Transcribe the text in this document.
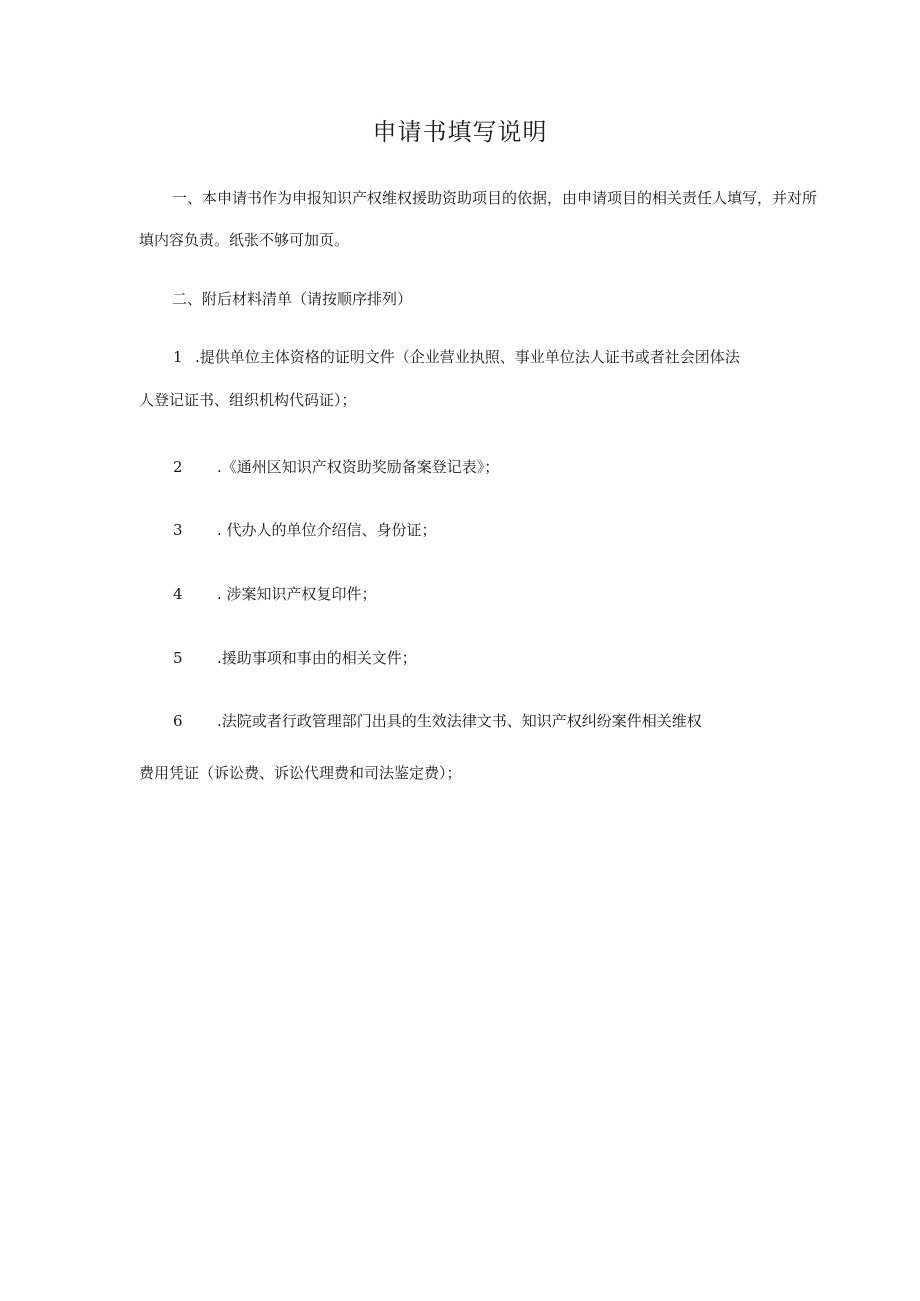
申请书填写说明

一、本申请书作为申报知识产权维权援助资助项目的依据，由申请项目的相关责任人填写，并对所填内容负责。纸张不够可加页。

二、附后材料清单（请按顺序排列）

1 .提供单位主体资格的证明文件（企业营业执照、事业单位法人证书或者社会团体法
人登记证书、组织机构代码证）；
2 .《通州区知识产权资助奖励备案登记表》；
3 . 代办人的单位介绍信、身份证；
4 . 涉案知识产权复印件；
5 .援助事项和事由的相关文件；
6 .法院或者行政管理部门出具的生效法律文书、知识产权纠纷案件相关维权
费用凭证（诉讼费、诉讼代理费和司法鉴定费）；
